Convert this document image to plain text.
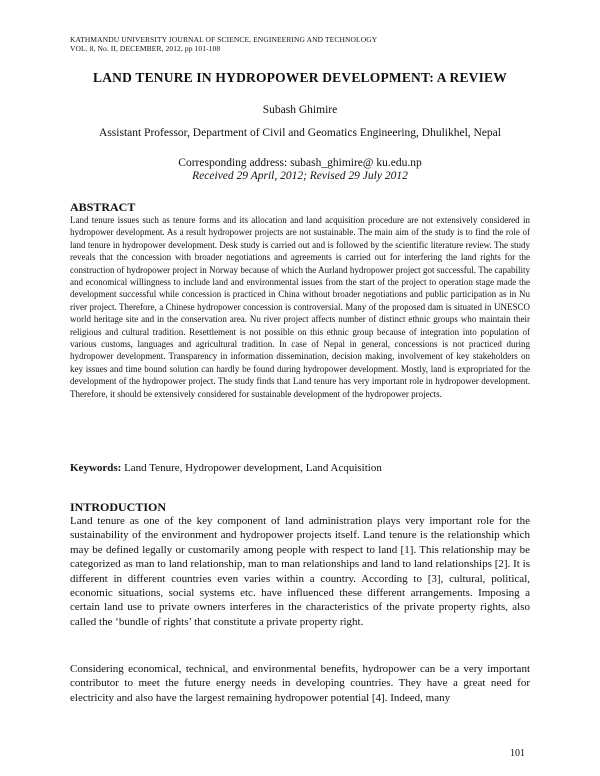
KATHMANDU UNIVERSITY JOURNAL OF SCIENCE, ENGINEERING AND TECHNOLOGY
VOL. 8, No. II, DECEMBER, 2012, pp 101-108
LAND TENURE IN HYDROPOWER DEVELOPMENT: A REVIEW
Subash Ghimire
Assistant Professor, Department of Civil and Geomatics Engineering, Dhulikhel, Nepal
Corresponding address: subash_ghimire@ ku.edu.np
Received 29 April, 2012; Revised 29 July 2012
ABSTRACT

Land tenure issues such as tenure forms and its allocation and land acquisition procedure are not extensively considered in hydropower development. As a result hydropower projects are not sustainable. The main aim of the study is to find the role of land tenure in hydropower development. Desk study is carried out and is followed by the scientific literature review. The study reveals that the concession with broader negotiations and agreements is carried out for interfering the land rights for the construction of hydropower project in Norway because of which the Aurland hydropower project got successful. The capability and economical willingness to include land and environmental issues from the start of the project to operation stage made the development successful while concession is practiced in China without broader negotiations and public participation as in Nu river project. Therefore, a Chinese hydropower concession is controversial. Many of the proposed dam is situated in UNESCO world heritage site and in the conservation area. Nu river project affects number of distinct ethnic groups who maintain their religious and cultural tradition. Resettlement is not possible on this ethnic group because of integration into population of various customs, languages and agricultural tradition. In case of Nepal in general, concessions is not practiced during hydropower development. Transparency in information dissemination, decision making, involvement of key stakeholders on key issues and time bound solution can hardly be found during hydropower development. Mostly, land is expropriated for the development of the hydropower project. The study finds that Land tenure has very important role in hydropower development. Therefore, it should be extensively considered for sustainable development of the hydropower projects.

Keywords: Land Tenure, Hydropower development, Land Acquisition
INTRODUCTION

Land tenure as one of the key component of land administration plays very important role for the sustainability of the environment and hydropower projects itself. Land tenure is the relationship which may be defined legally or customarily among people with respect to land [1]. This relationship may be categorized as man to land relationship, man to man relationships and land to land relationships [2]. It is different in different countries even varies within a country. According to [3], cultural, political, economic situations, social systems etc. have influenced these different arrangements. Imposing a certain land use to private owners interferes in the characteristics of the private property rights, also called the ‘bundle of rights’ that constitute a private property right.

Considering economical, technical, and environmental benefits, hydropower can be a very important contributor to meet the future energy needs in developing countries. They have a great need for electricity and also have the largest remaining hydropower potential [4]. Indeed, many

101
